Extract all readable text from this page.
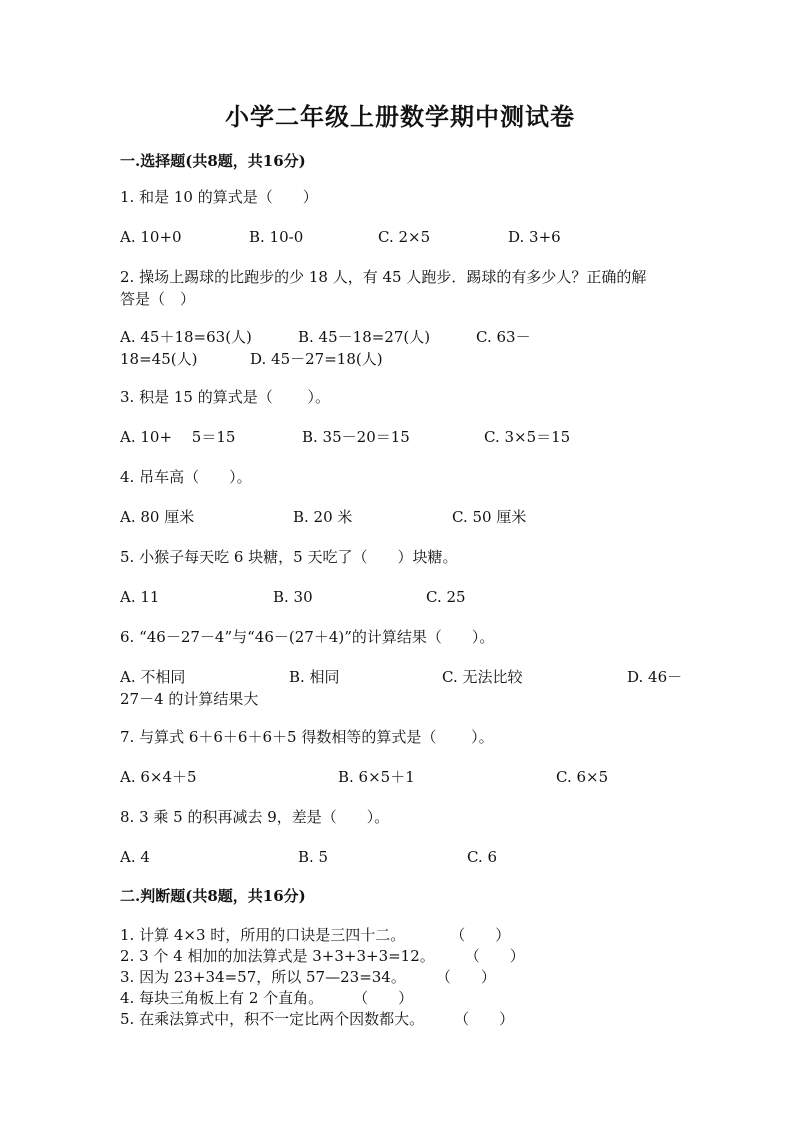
小学二年级上册数学期中测试卷
一.选择题(共8题，共16分)
1. 和是 10 的算式是（　　）
A. 10+0	B. 10-0	C. 2×5	D. 3+6
2. 操场上踢球的比跑步的少 18 人，有 45 人跑步．踢球的有多少人？正确的解
答是（　）
A. 45＋18=63(人)	B. 45－18=27(人)	C. 63－
18=45(人)	D. 45－27=18(人)
3. 积是 15 的算式是（　　 ）。
A. 10+　 5＝15	B. 35－20＝15	C. 3×5＝15
4. 吊车高（　　）。
A. 80 厘米	B. 20 米	C. 50 厘米
5. 小猴子每天吃 6 块糖，5 天吃了（　　）块糖。
A. 11	B. 30	C. 25
6. “46－27－4”与“46－(27＋4)”的计算结果（　　）。
A. 不相同	B. 相同	C. 无法比较	D. 46－
27－4 的计算结果大
7. 与算式 6＋6＋6＋6＋5 得数相等的算式是（　　 ）。
A. 6×4＋5	B. 6×5＋1	C. 6×5
8. 3 乘 5 的积再减去 9，差是（　　）。
A. 4	B. 5	C. 6
二.判断题(共8题，共16分)
1. 计算 4×3 时，所用的口诀是三四十二。　　　　（　　）
2. 3 个 4 相加的加法算式是 3+3+3+3=12。　　　（　　）
3. 因为 23+34=57，所以 57—23=34。　　　（　　）
4. 每块三角板上有 2 个直角。　　　（　　）
5. 在乘法算式中，积不一定比两个因数都大。　　　（　　）
